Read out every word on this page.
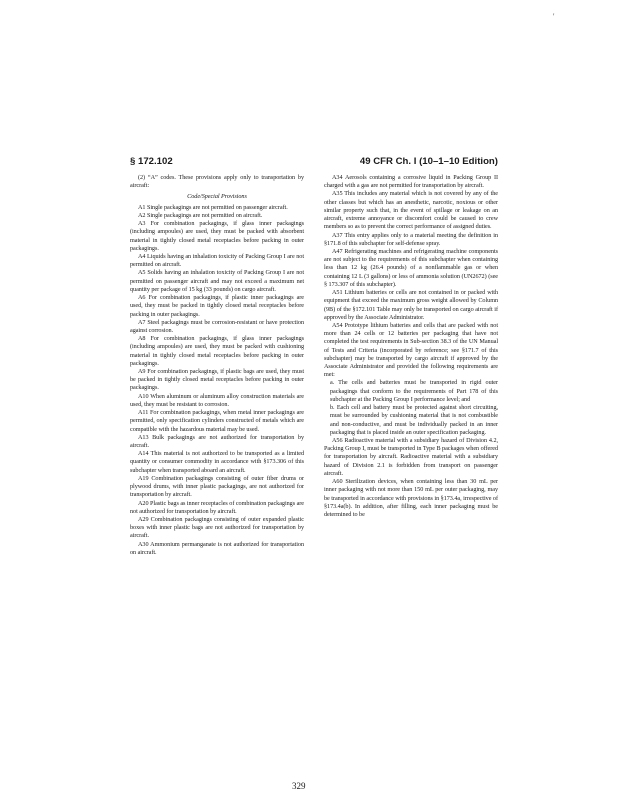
'
§ 172.102	49 CFR Ch. I (10–1–10 Edition)

(2) “A” codes. These provisions apply only to transportation by aircraft:

Code/Special Provisions

A1 Single packagings are not permitted on passenger aircraft.

A2 Single packagings are not permitted on aircraft.

A3 For combination packagings, if glass inner packagings (including ampoules) are used, they must be packed with absorbent material in tightly closed metal receptacles before packing in outer packagings.

A4 Liquids having an inhalation toxicity of Packing Group I are not permitted on aircraft.

A5 Solids having an inhalation toxicity of Packing Group I are not permitted on passenger aircraft and may not exceed a maximum net quantity per package of 15 kg (33 pounds) on cargo aircraft.

A6 For combination packagings, if plastic inner packagings are used, they must be packed in tightly closed metal receptacles before packing in outer packagings.

A7 Steel packagings must be corrosion-resistant or have protection against corrosion.

A8 For combination packagings, if glass inner packagings (including ampoules) are used, they must be packed with cushioning material in tightly closed metal receptacles before packing in outer packagings.

A9 For combination packagings, if plastic bags are used, they must be packed in tightly closed metal receptacles before packing in outer packagings.

A10 When aluminum or aluminum alloy construction materials are used, they must be resistant to corrosion.

A11 For combination packagings, when metal inner packagings are permitted, only specification cylinders constructed of metals which are compatible with the hazardous material may be used.

A13 Bulk packagings are not authorized for transportation by aircraft.

A14 This material is not authorized to be transported as a limited quantity or consumer commodity in accordance with §173.306 of this subchapter when transported aboard an aircraft.

A19 Combination packagings consisting of outer fiber drums or plywood drums, with inner plastic packagings, are not authorized for transportation by aircraft.

A20 Plastic bags as inner receptacles of combination packagings are not authorized for transportation by aircraft.

A29 Combination packagings consisting of outer expanded plastic boxes with inner plastic bags are not authorized for transportation by aircraft.

A30 Ammonium permanganate is not authorized for transportation on aircraft.

A34 Aerosols containing a corrosive liquid in Packing Group II charged with a gas are not permitted for transportation by aircraft.

A35 This includes any material which is not covered by any of the other classes but which has an anesthetic, narcotic, noxious or other similar property such that, in the event of spillage or leakage on an aircraft, extreme annoyance or discomfort could be caused to crew members so as to prevent the correct performance of assigned duties.

A37 This entry applies only to a material meeting the definition in §171.8 of this subchapter for self-defense spray.

A47 Refrigerating machines and refrigerating machine components are not subject to the requirements of this subchapter when containing less than 12 kg (26.4 pounds) of a nonflammable gas or when containing 12 L (3 gallons) or less of ammonia solution (UN2672) (see § 173.307 of this subchapter).

A51 Lithium batteries or cells are not contained in or packed with equipment that exceed the maximum gross weight allowed by Column (9B) of the §172.101 Table may only be transported on cargo aircraft if approved by the Associate Administrator.

A54 Prototype lithium batteries and cells that are packed with not more than 24 cells or 12 batteries per packaging that have not completed the test requirements in Sub-section 38.3 of the UN Manual of Tests and Criteria (incorporated by reference; see §171.7 of this subchapter) may be transported by cargo aircraft if approved by the Associate Administrator and provided the following requirements are met:

a. The cells and batteries must be transported in rigid outer packagings that conform to the requirements of Part 178 of this subchapter at the Packing Group I performance level; and

b. Each cell and battery must be protected against short circuiting, must be surrounded by cushioning material that is not combustible and non-conductive, and must be individually packed in an inner packaging that is placed inside an outer specification packaging.

A56 Radioactive material with a subsidiary hazard of Division 4.2, Packing Group I, must be transported in Type B packages when offered for transportation by aircraft. Radioactive material with a subsidiary hazard of Division 2.1 is forbidden from transport on passenger aircraft.

A60 Sterilization devices, when containing less than 30 mL per inner packaging with not more than 150 mL per outer packaging, may be transported in accordance with provisions in §173.4a, irrespective of §173.4a(b). In addition, after filling, each inner packaging must be determined to be

329
